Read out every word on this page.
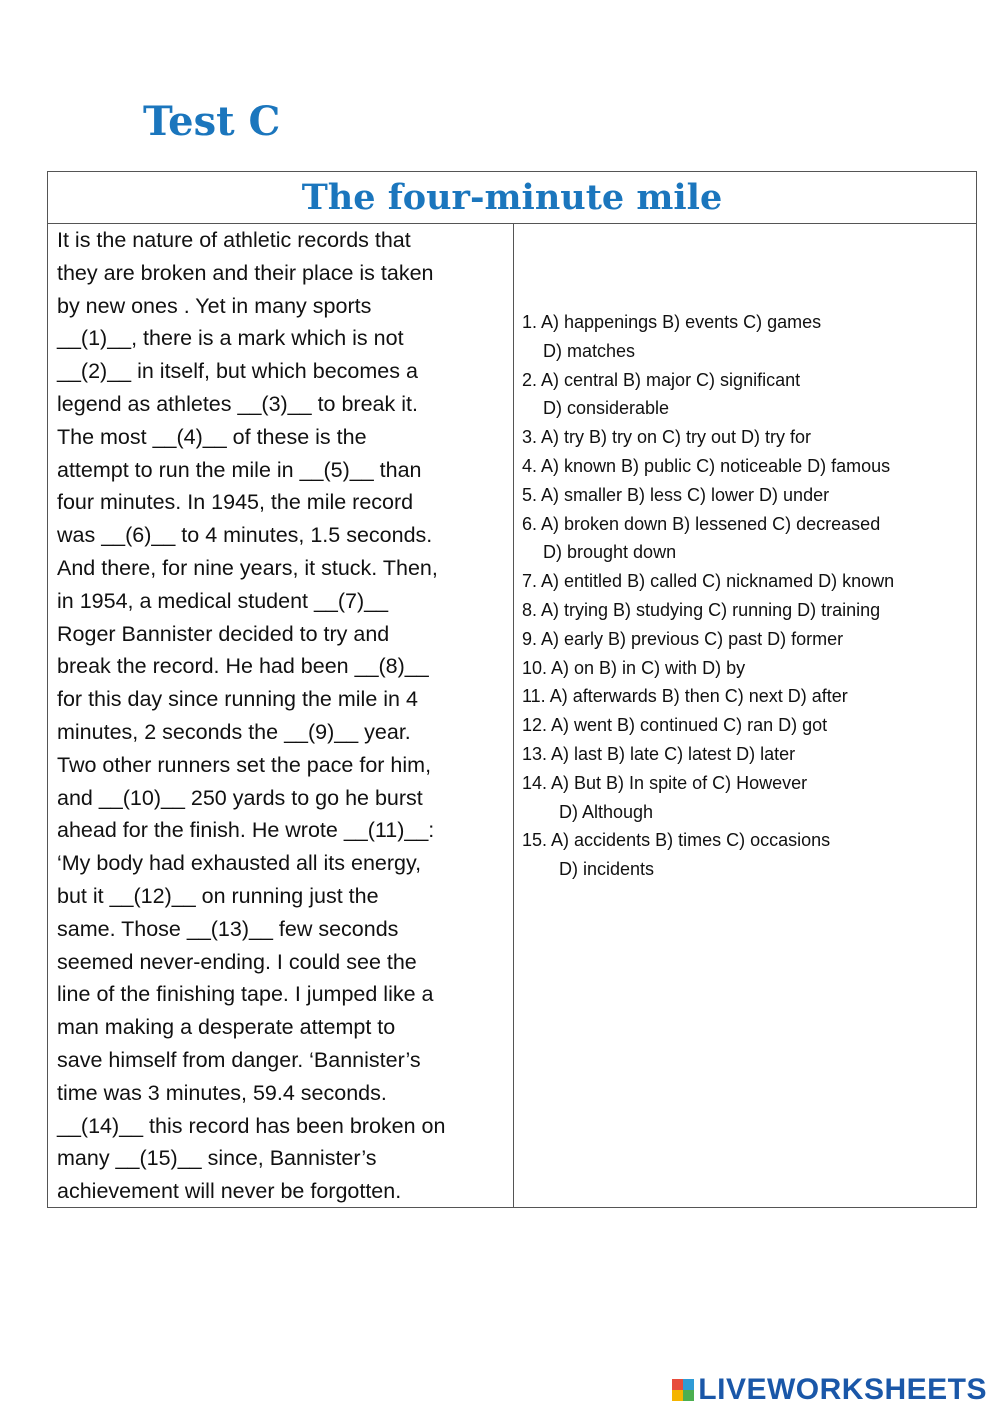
Test C
The four-minute mile

It is the nature of athletic records that

they are broken and their place is taken

by new ones . Yet in many sports

__(1)__, there is a mark which is not

__(2)__ in itself, but which becomes a

legend as athletes __(3)__ to break it.

The most __(4)__ of these is the

attempt to run the mile in __(5)__ than

four minutes. In 1945, the mile record

was __(6)__ to 4 minutes, 1.5 seconds.

And there, for nine years, it stuck. Then,

in 1954, a medical student __(7)__

Roger Bannister decided to try and

break the record. He had been __(8)__

for this day since running the mile in 4

minutes, 2 seconds the __(9)__ year.

Two other runners set the pace for him,

and __(10)__ 250 yards to go he burst

ahead for the finish. He wrote __(11)__:

‘My body had exhausted all its energy,

but it __(12)__ on running just the

same. Those __(13)__ few seconds

seemed never-ending. I could see the

line of the finishing tape. I jumped like a

man making a desperate attempt to

save himself from danger. ‘Bannister’s

time was 3 minutes, 59.4 seconds.

__(14)__ this record has been broken on

many __(15)__ since, Bannister’s

achievement will never be forgotten.

1. A) happenings B) events C) games
D) matches
2. A) central B) major C) significant
D) considerable
3. A) try B) try on C) try out D) try for
4. A) known B) public C) noticeable D) famous
5. A) smaller B) less C) lower D) under
6. A) broken down B) lessened C) decreased
D) brought down
7. A) entitled B) called C) nicknamed D) known
8. A) trying B) studying C) running D) training
9. A) early B) previous C) past D) former
10. A) on B) in C) with D) by
11. A) afterwards B) then C) next D) after
12. A) went B) continued C) ran D) got
13. A) last B) late C) latest D) later
14. A) But B) In spite of C) However
D) Although
15. A) accidents B) times C) occasions
D) incidents
LIVEWORKSHEETS
